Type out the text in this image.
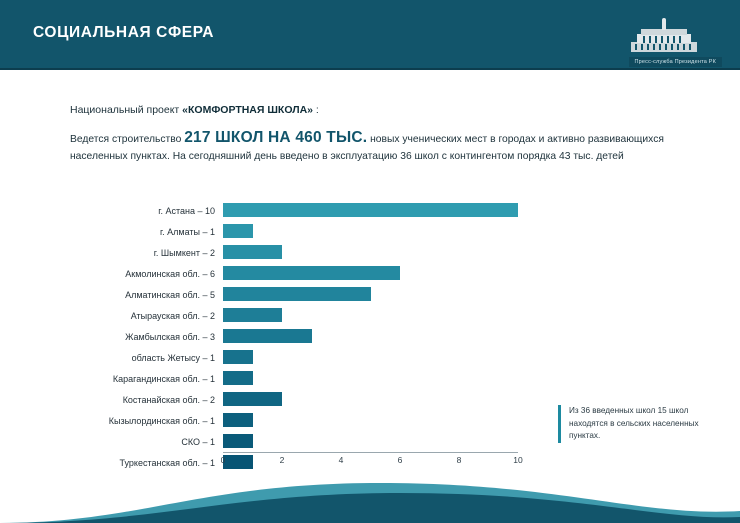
СОЦИАЛЬНАЯ СФЕРА
Пресс-служба Президента РК
Национальный проект «КОМФОРТНАЯ ШКОЛА» :
Ведется строительство 217 ШКОЛ НА 460 ТЫС. новых ученических мест в городах и активно развивающихся населенных пунктах. На сегодняшний день введено в эксплуатацию 36 школ с контингентом порядка 43 тыс. детей
г. Астана – 10
г. Алматы – 1
г. Шымкент – 2
Акмолинская обл. – 6
Алматинская обл. – 5
Атырауская обл. – 2
Жамбылская обл. – 3
область Жетысу – 1
Карагандинская обл. – 1
Костанайская обл. – 2
Кызылординская обл. – 1
СКО – 1
Туркестанская обл. – 1 0	2	4	6	8	10
Из 36 введенных школ 15 школ находятся в сельских населенных пунктах.
